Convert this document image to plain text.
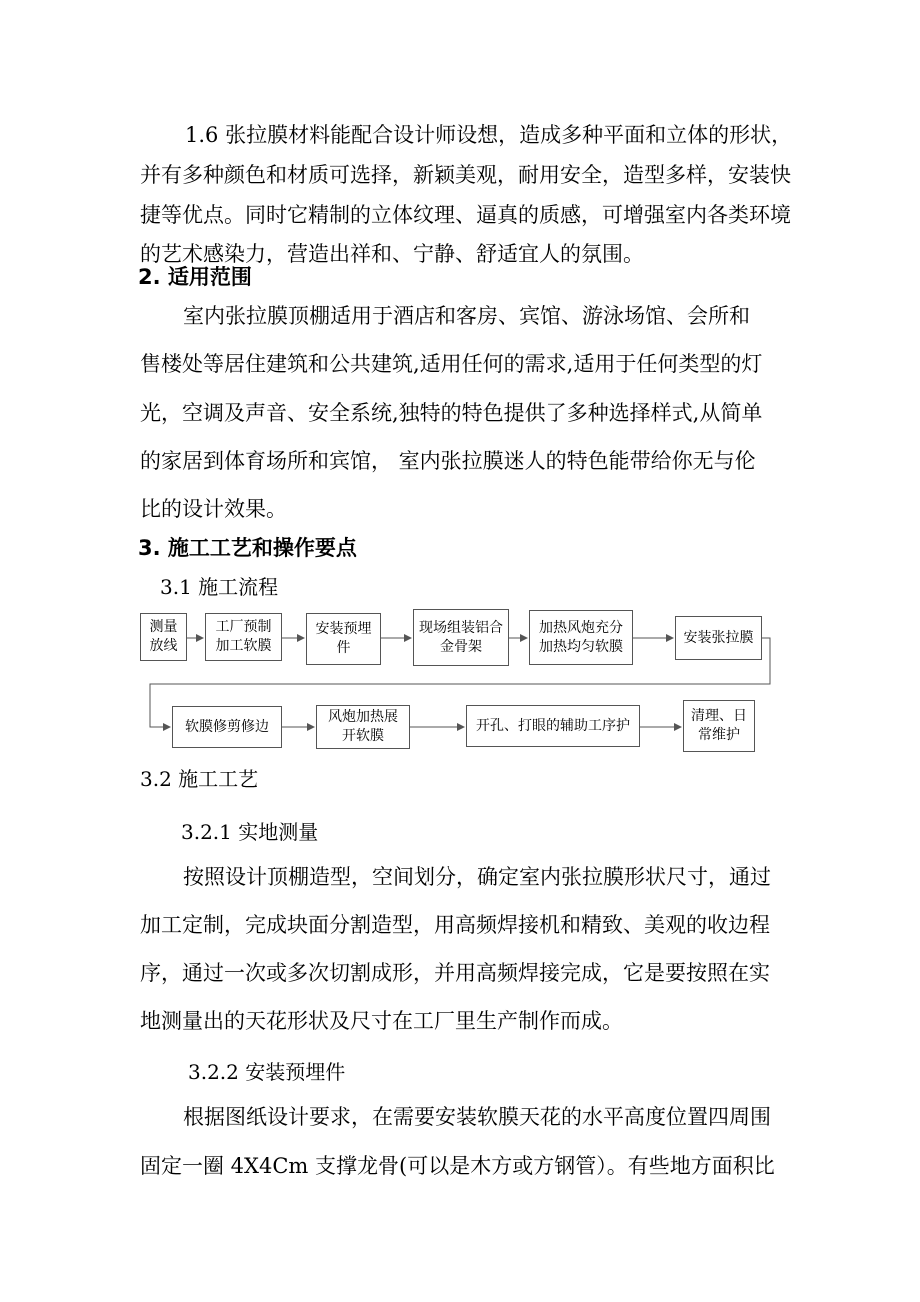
1.6 张拉膜材料能配合设计师设想，造成多种平面和立体的形状，
并有多种颜色和材质可选择，新颖美观，耐用安全，造型多样，安装快
捷等优点。同时它精制的立体纹理、逼真的质感，可增强室内各类环境
的艺术感染力，营造出祥和、宁静、舒适宜人的氛围。
2. 适用范围
室内张拉膜顶棚适用于酒店和客房、宾馆、游泳场馆、会所和
售楼处等居住建筑和公共建筑,适用任何的需求,适用于任何类型的灯
光，空调及声音、安全系统,独特的特色提供了多种选择样式,从简单
的家居到体育场所和宾馆， 室内张拉膜迷人的特色能带给你无与伦
比的设计效果。
3. 施工工艺和操作要点
3.1 施工流程
测量
放线
工厂预制
加工软膜
安装预埋
件
现场组装铝合
金骨架
加热风炮充分
加热均匀软膜
安装张拉膜
软膜修剪修边
风炮加热展
开软膜
开孔、打眼的辅助工序护
清理、日
常维护
3.2 施工工艺
3.2.1 实地测量
按照设计顶棚造型，空间划分，确定室内张拉膜形状尺寸，通过
加工定制，完成块面分割造型，用高频焊接机和精致、美观的收边程
序，通过一次或多次切割成形，并用高频焊接完成，它是要按照在实
地测量出的天花形状及尺寸在工厂里生产制作而成。
3.2.2 安装预埋件
根据图纸设计要求，在需要安装软膜天花的水平高度位置四周围
固定一圈 4X4Cm 支撑龙骨(可以是木方或方钢管）。有些地方面积比
